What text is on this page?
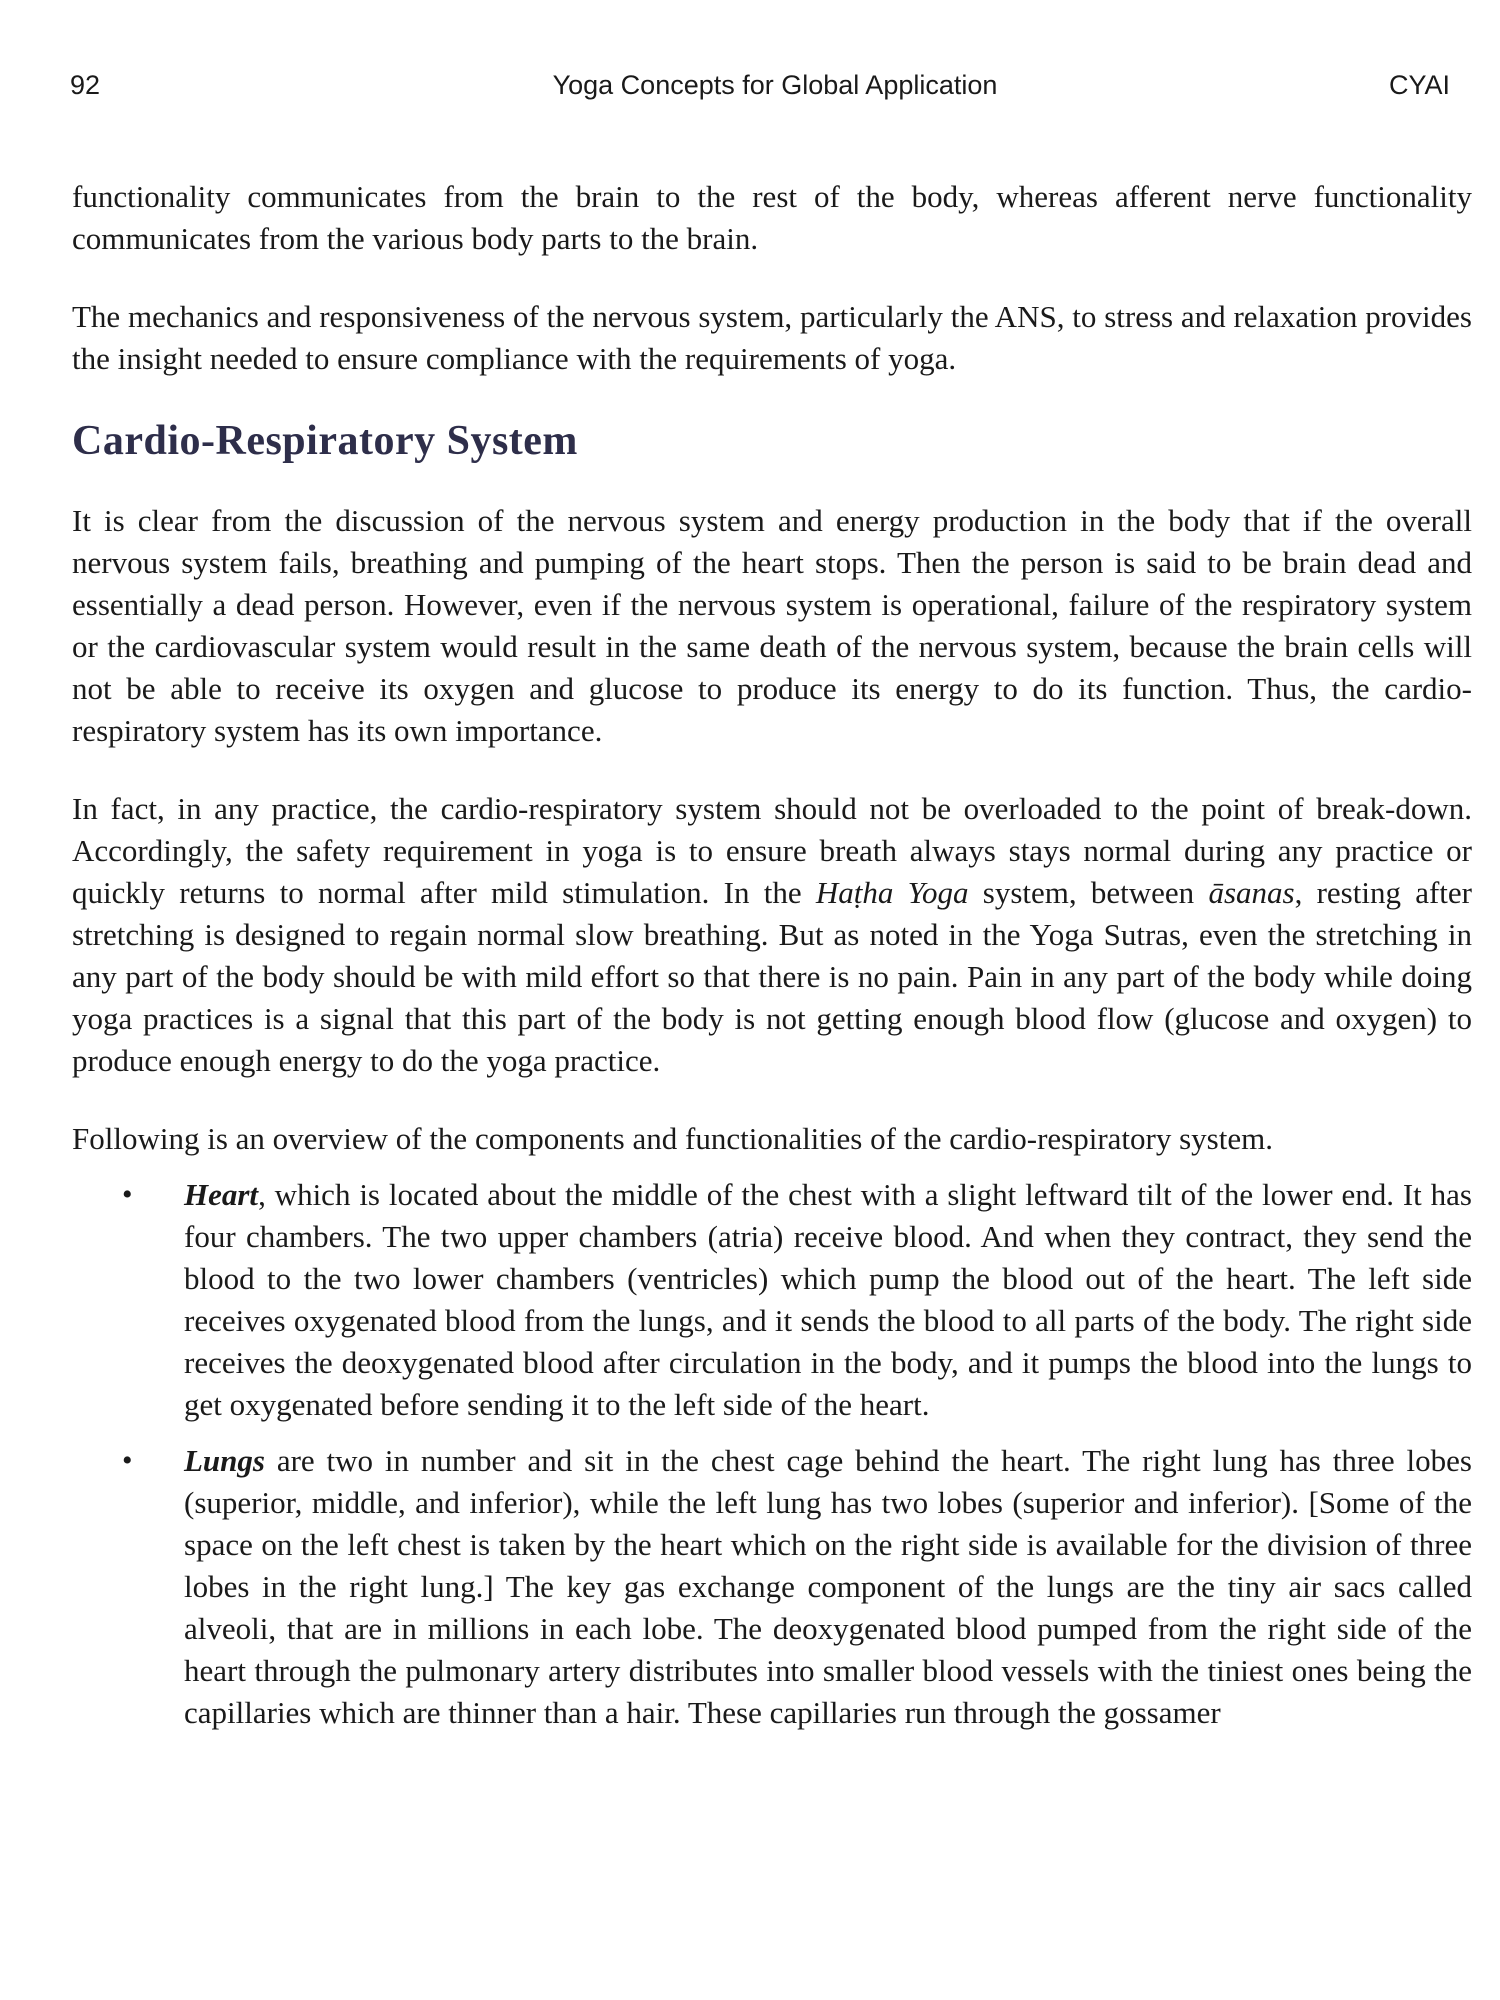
92	Yoga Concepts for Global Application	CYAI

functionality communicates from the brain to the rest of the body, whereas afferent nerve functionality communicates from the various body parts to the brain.

The mechanics and responsiveness of the nervous system, particularly the ANS, to stress and relaxation provides the insight needed to ensure compliance with the requirements of yoga.

Cardio-Respiratory System

It is clear from the discussion of the nervous system and energy production in the body that if the overall nervous system fails, breathing and pumping of the heart stops. Then the person is said to be brain dead and essentially a dead person. However, even if the nervous system is operational, failure of the respiratory system or the cardiovascular system would result in the same death of the nervous system, because the brain cells will not be able to receive its oxygen and glucose to produce its energy to do its function. Thus, the cardio-respiratory system has its own importance.

In fact, in any practice, the cardio-respiratory system should not be overloaded to the point of break-down. Accordingly, the safety requirement in yoga is to ensure breath always stays normal during any practice or quickly returns to normal after mild stimulation. In the Haṭha Yoga system, between āsanas, resting after stretching is designed to regain normal slow breathing. But as noted in the Yoga Sutras, even the stretching in any part of the body should be with mild effort so that there is no pain. Pain in any part of the body while doing yoga practices is a signal that this part of the body is not getting enough blood flow (glucose and oxygen) to produce enough energy to do the yoga practice.

Following is an overview of the components and functionalities of the cardio-respiratory system.

• Heart, which is located about the middle of the chest with a slight leftward tilt of the lower end. It has four chambers. The two upper chambers (atria) receive blood. And when they contract, they send the blood to the two lower chambers (ventricles) which pump the blood out of the heart. The left side receives oxygenated blood from the lungs, and it sends the blood to all parts of the body. The right side receives the deoxygenated blood after circulation in the body, and it pumps the blood into the lungs to get oxygenated before sending it to the left side of the heart.
• Lungs are two in number and sit in the chest cage behind the heart. The right lung has three lobes (superior, middle, and inferior), while the left lung has two lobes (superior and inferior). [Some of the space on the left chest is taken by the heart which on the right side is available for the division of three lobes in the right lung.] The key gas exchange component of the lungs are the tiny air sacs called alveoli, that are in millions in each lobe. The deoxygenated blood pumped from the right side of the heart through the pulmonary artery distributes into smaller blood vessels with the tiniest ones being the capillaries which are thinner than a hair. These capillaries run through the gossamer
